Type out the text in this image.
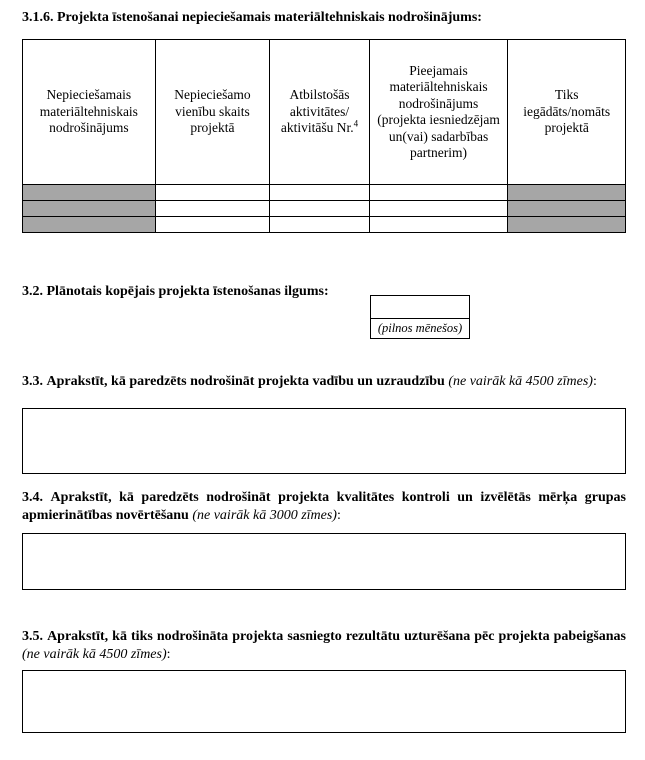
3.1.6. Projekta īstenošanai nepieciešamais materiāltehniskais nodrošinājums:

Nepieciešamais materiāltehniskais nodrošinājums	Nepieciešamo vienību skaits projektā	Atbilstošās aktivitātes/ aktivitāšu Nr.$^4$	Pieejamais materiāltehniskais nodrošinājums (projekta iesniedzējam un(vai) sadarbības partnerim)	Tiks iegādāts/nomāts projektā

3.2. Plānotais kopējais projekta īstenošanas ilgums:

(pilnos mēnešos)

3.3. Aprakstīt, kā paredzēts nodrošināt projekta vadību un uzraudzību (ne vairāk kā 4500 zīmes):

3.4. Aprakstīt, kā paredzēts nodrošināt projekta kvalitātes kontroli un izvēlētās mērķa grupas apmierinātības novērtēšanu (ne vairāk kā 3000 zīmes):

3.5. Aprakstīt, kā tiks nodrošināta projekta sasniegto rezultātu uzturēšana pēc projekta pabeigšanas (ne vairāk kā 4500 zīmes):
